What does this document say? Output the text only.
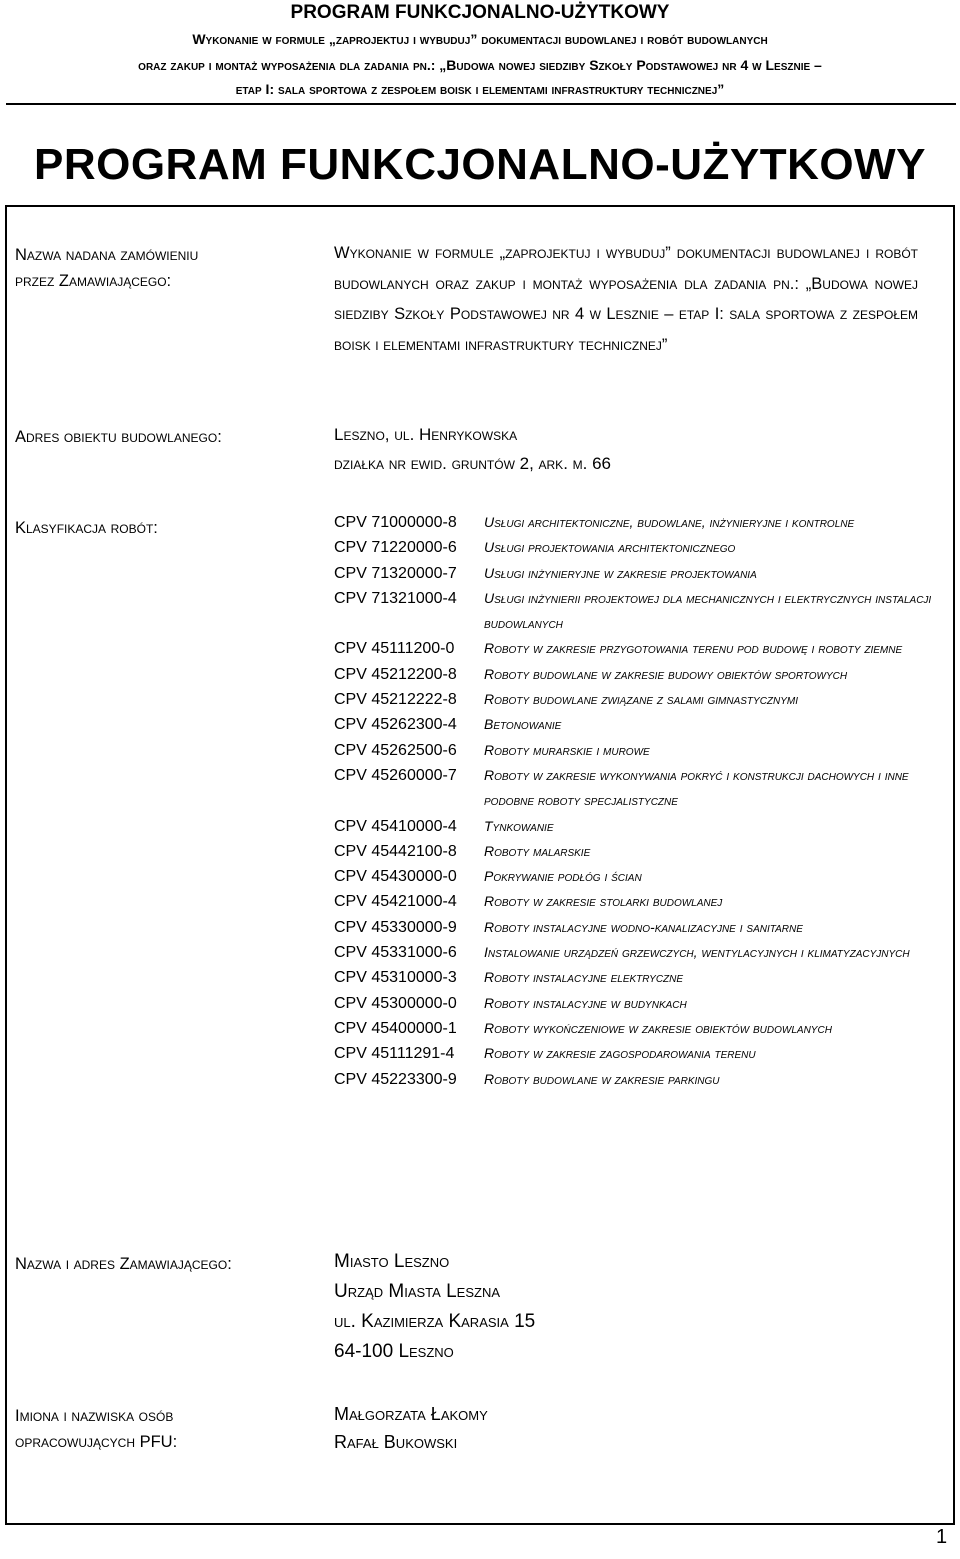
PROGRAM FUNKCJONALNO-UŻYTKOWY
Wykonanie w formule „zaprojektuj i wybuduj” dokumentacji budowlanej i robót budowlanych
oraz zakup i montaż wyposażenia dla zadania pn.: „Budowa nowej siedziby Szkoły Podstawowej nr 4 w Lesznie –
etap I: sala sportowa z zespołem boisk i elementami infrastruktury technicznej”
PROGRAM FUNKCJONALNO-UŻYTKOWY
Nazwa nadana zamówieniu
przez Zamawiającego:
Wykonanie w formule „zaprojektuj i wybuduj” dokumentacji budowlanej i robót budowlanych oraz zakup i montaż wyposażenia dla zadania pn.: „Budowa nowej siedziby Szkoły Podstawowej nr 4 w Lesznie – etap I: sala sportowa z zespołem boisk i elementami infrastruktury technicznej”
Adres obiektu budowlanego:	Leszno, ul. Henrykowska
działka nr ewid. gruntów 2, ark. m. 66
Klasyfikacja robót:	CPV 71000000-8	Usługi architektoniczne, budowlane, inżynieryjne i kontrolne
CPV 71220000-6	Usługi projektowania architektonicznego
CPV 71320000-7	Usługi inżynieryjne w zakresie projektowania
CPV 71321000-4	Usługi inżynierii projektowej dla mechanicznych i elektrycznych instalacji budowlanych
CPV 45111200-0	Roboty w zakresie przygotowania terenu pod budowę i roboty ziemne
CPV 45212200-8	Roboty budowlane w zakresie budowy obiektów sportowych
CPV 45212222-8	Roboty budowlane związane z salami gimnastycznymi
CPV 45262300-4	Betonowanie
CPV 45262500-6	Roboty murarskie i murowe
CPV 45260000-7	Roboty w zakresie wykonywania pokryć i konstrukcji dachowych i inne podobne roboty specjalistyczne
CPV 45410000-4	Tynkowanie
CPV 45442100-8	Roboty malarskie
CPV 45430000-0	Pokrywanie podłóg i ścian
CPV 45421000-4	Roboty w zakresie stolarki budowlanej
CPV 45330000-9	Roboty instalacyjne wodno-kanalizacyjne i sanitarne
CPV 45331000-6	Instalowanie urządzeń grzewczych, wentylacyjnych i klimatyzacyjnych
CPV 45310000-3	Roboty instalacyjne elektryczne
CPV 45300000-0	Roboty instalacyjne w budynkach
CPV 45400000-1	Roboty wykończeniowe w zakresie obiektów budowlanych
CPV 45111291-4	Roboty w zakresie zagospodarowania terenu
CPV 45223300-9	Roboty budowlane w zakresie parkingu
Nazwa i adres Zamawiającego:	Miasto Leszno
Urząd Miasta Leszna
ul. Kazimierza Karasia 15
64-100 Leszno
Imiona i nazwiska osób
opracowujących PFU:
Małgorzata Łakomy
Rafał Bukowski
1
